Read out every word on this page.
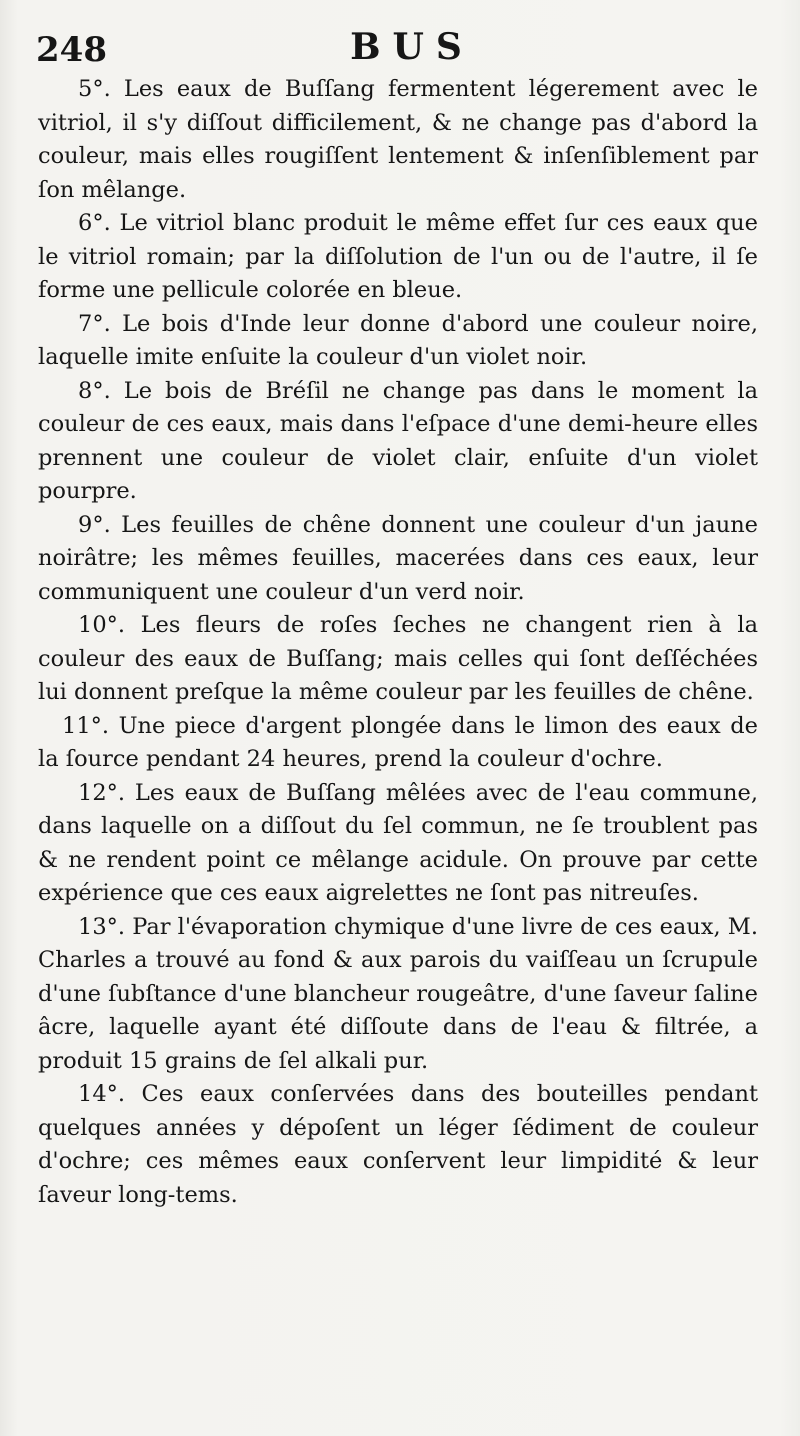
248	BUS

5°. Les eaux de Buſſang fermentent légerement avec le vitriol, il s'y diſſout difficilement, & ne change pas d'abord la couleur, mais elles rougiſſent lentement & inſenſiblement par ſon mêlange.

6°. Le vitriol blanc produit le même effet ſur ces eaux que le vitriol romain; par la diſſolution de l'un ou de l'autre, il ſe forme une pellicule colorée en bleue.

7°. Le bois d'Inde leur donne d'abord une couleur noire, laquelle imite enſuite la couleur d'un violet noir.

8°. Le bois de Bréſil ne change pas dans le moment la couleur de ces eaux, mais dans l'eſpace d'une demi-heure elles prennent une couleur de violet clair, enſuite d'un violet pourpre.

9°. Les feuilles de chêne donnent une couleur d'un jaune noirâtre; les mêmes feuilles, macerées dans ces eaux, leur communiquent une couleur d'un verd noir.

10°. Les fleurs de roſes ſeches ne changent rien à la couleur des eaux de Buſſang; mais celles qui ſont deſſéchées lui donnent preſque la même couleur par les feuilles de chêne.

11°. Une piece d'argent plongée dans le limon des eaux de la ſource pendant 24 heures, prend la couleur d'ochre.

12°. Les eaux de Buſſang mêlées avec de l'eau commune, dans laquelle on a diſſout du ſel commun, ne ſe troublent pas & ne rendent point ce mêlange acidule. On prouve par cette expérience que ces eaux aigrelettes ne ſont pas nitreuſes.

13°. Par l'évaporation chymique d'une livre de ces eaux, M. Charles a trouvé au fond & aux parois du vaiſſeau un ſcrupule d'une ſubſtance d'une blancheur rougeâtre, d'une ſaveur ſaline âcre, laquelle ayant été diſſoute dans de l'eau & filtrée, a produit 15 grains de ſel alkali pur.

14°. Ces eaux conſervées dans des bouteilles pendant quelques années y dépoſent un léger ſédiment de couleur d'ochre; ces mêmes eaux conſervent leur limpidité & leur ſaveur long-tems.
